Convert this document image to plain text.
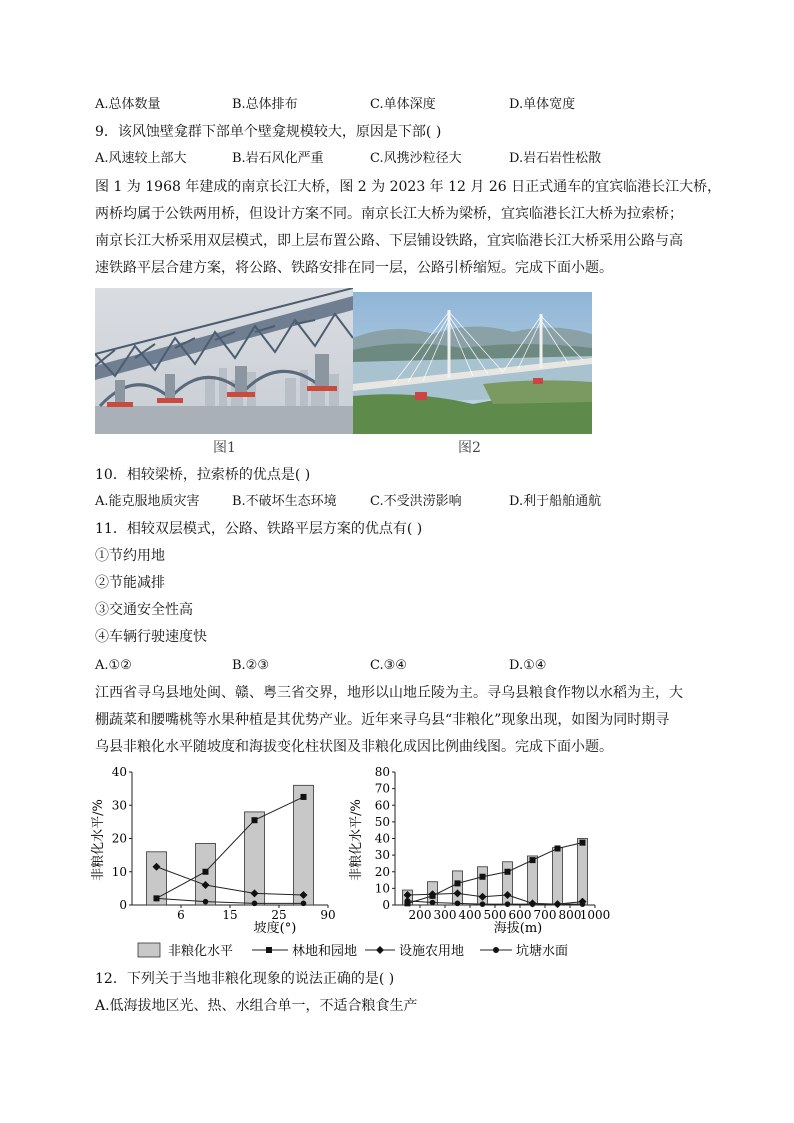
A.总体数量	B.总体排布	C.单体深度	D.单体宽度
9．该风蚀壁龛群下部单个壁龛规模较大，原因是下部( )
A.风速较上部大	B.岩石风化严重	C.风携沙粒径大	D.岩石岩性松散
图 1 为 1968 年建成的南京长江大桥，图 2 为 2023 年 12 月 26 日正式通车的宜宾临港长江大桥，
两桥均属于公铁两用桥，但设计方案不同。南京长江大桥为梁桥，宜宾临港长江大桥为拉索桥；
南京长江大桥采用双层模式，即上层布置公路、下层铺设铁路，宜宾临港长江大桥采用公路与高
速铁路平层合建方案，将公路、铁路安排在同一层，公路引桥缩短。完成下面小题。
图1	图2
10．相较梁桥，拉索桥的优点是( )
A.能克服地质灾害 B.不破坏生态环境	C.不受洪涝影响	D.利于船舶通航
11．相较双层模式，公路、铁路平层方案的优点有( )
①节约用地
②节能减排
③交通安全性高
④车辆行驶速度快
A.①②	B.②③	C.③④	D.①④
江西省寻乌县地处闽、赣、粤三省交界，地形以山地丘陵为主。寻乌县粮食作物以水稻为主，大
棚蔬菜和腰嘴桃等水果种植是其优势产业。近年来寻乌县“非粮化”现象出现，如图为同时期寻
乌县非粮化水平随坡度和海拔变化柱状图及非粮化成因比例曲线图。完成下面小题。
非粮化水平/%
坡度(°)
0
10
20
30
40
6	15	25	90
非粮化水平/%
海拔(m)
0
10
20
30
40
50
60
70
80
200 300 400 500 600 700 800
1000
非粮化水平	林地和园地	设施农用地	坑塘水面
12．下列关于当地非粮化现象的说法正确的是( )
A.低海拔地区光、热、水组合单一，不适合粮食生产
